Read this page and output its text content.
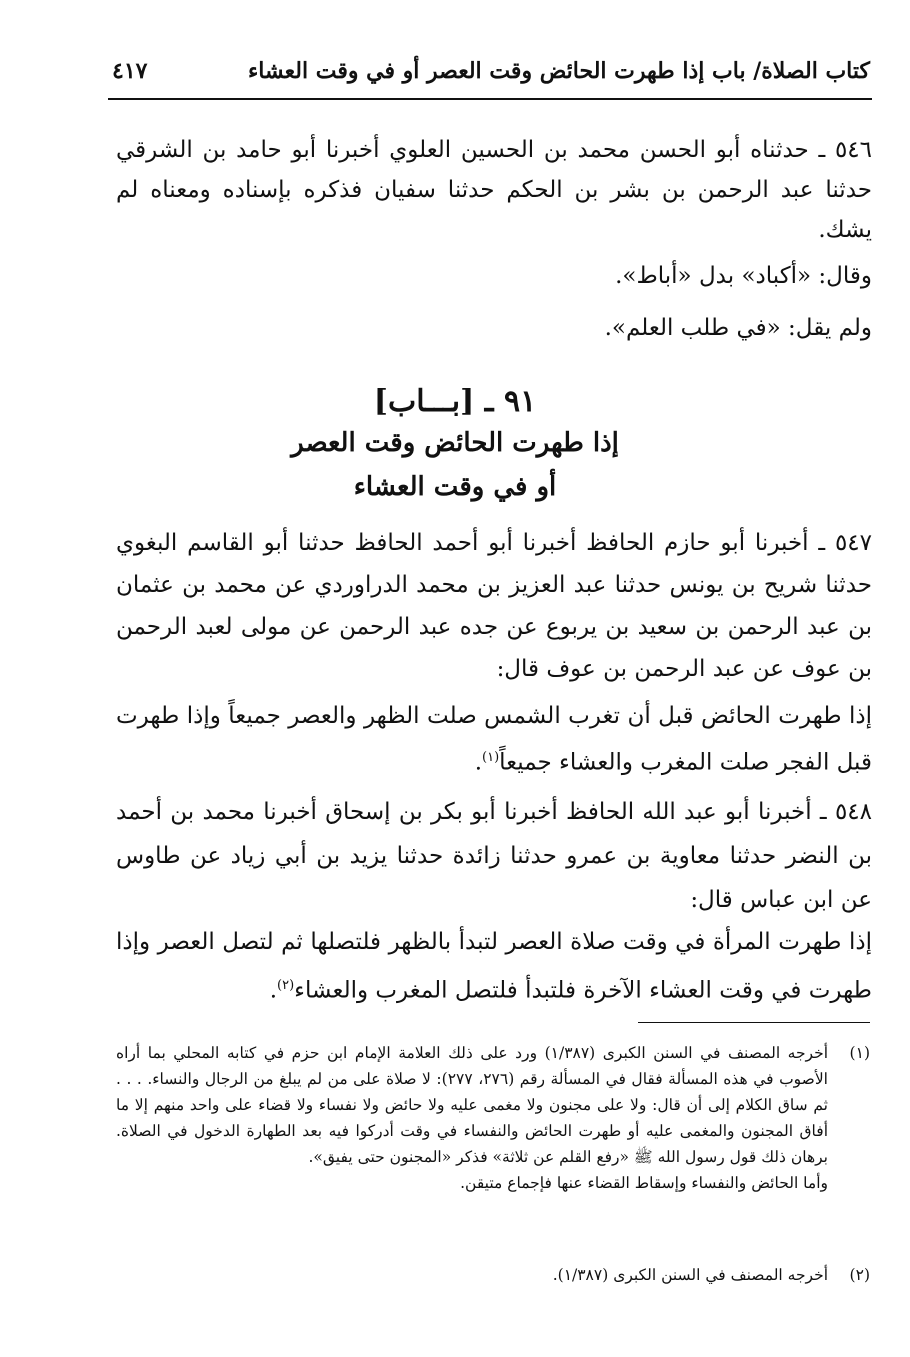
كتاب الصلاة/ باب إذا طهرت الحائض وقت العصر أو في وقت العشاء
٤١٧
٥٤٦ ـ حدثناه أبو الحسن محمد بن الحسين العلوي أخبرنا أبو حامد بن الشرقي حدثنا عبد الرحمن بن بشر بن الحكم حدثنا سفيان فذكره بإسناده ومعناه لم يشك.
وقال: «أكباد» بدل «أباط».
ولم يقل: «في طلب العلم».
٩١ ـ [بـــاب]
إذا طهرت الحائض وقت العصر
أو في وقت العشاء
٥٤٧ ـ أخبرنا أبو حازم الحافظ أخبرنا أبو أحمد الحافظ حدثنا أبو القاسم البغوي حدثنا شريح بن يونس حدثنا عبد العزيز بن محمد الدراوردي عن محمد بن عثمان بن عبد الرحمن بن سعيد بن يربوع عن جده عبد الرحمن عن مولى لعبد الرحمن بن عوف عن عبد الرحمن بن عوف قال:
إذا طهرت الحائض قبل أن تغرب الشمس صلت الظهر والعصر جميعاً وإذا طهرت قبل الفجر صلت المغرب والعشاء جميعاً$^{(١)}$.
٥٤٨ ـ أخبرنا أبو عبد الله الحافظ أخبرنا أبو بكر بن إسحاق أخبرنا محمد بن أحمد بن النضر حدثنا معاوية بن عمرو حدثنا زائدة حدثنا يزيد بن أبي زياد عن طاوس عن ابن عباس قال:
إذا طهرت المرأة في وقت صلاة العصر لتبدأ بالظهر فلتصلها ثم لتصل العصر وإذا طهرت في وقت العشاء الآخرة فلتبدأ فلتصل المغرب والعشاء$^{(٢)}$.
(١)
أخرجه المصنف في السنن الكبرى (١/٣٨٧) ورد على ذلك العلامة الإمام ابن حزم في كتابه المحلي بما أراه الأصوب في هذه المسألة فقال في المسألة رقم (٢٧٦، ٢٧٧): لا صلاة على من لم يبلغ من الرجال والنساء. . . . ثم ساق الكلام إلى أن قال: ولا على مجنون ولا مغمى عليه ولا حائض ولا نفساء ولا قضاء على واحد منهم إلا ما أفاق المجنون والمغمى عليه أو طهرت الحائض والنفساء في وقت أدركوا فيه بعد الطهارة الدخول في الصلاة. برهان ذلك قول رسول الله ﷺ «رفع القلم عن ثلاثة» فذكر «المجنون حتى يفيق».
وأما الحائض والنفساء وإسقاط القضاء عنها فإجماع متيقن.
(٢)
أخرجه المصنف في السنن الكبرى (١/٣٨٧).
